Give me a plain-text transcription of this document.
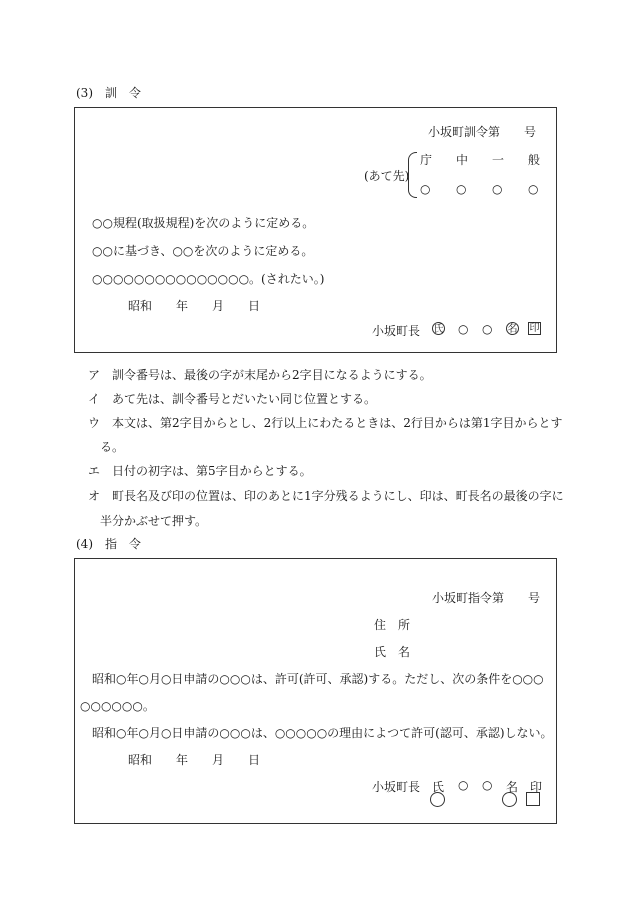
(3)　訓　令
小坂町訓令第　　号
(あて先)
庁 中 一 般
○ ○ ○ ○
○○規程(取扱規程)を次のように定める。
○○に基づき、○○を次のように定める。
○○○○○○○○○○○○○○○。(されたい。)
昭和　　年　　月　　日
小坂町長 氏 ○ ○ 名 印
ア 訓令番号は、最後の字が末尾から2字目になるようにする。
イ あて先は、訓令番号とだいたい同じ位置とする。
ウ 本文は、第2字目からとし、2行以上にわたるときは、2行目からは第1字目からとす
る。
エ 日付の初字は、第5字目からとする。
オ 町長名及び印の位置は、印のあとに1字分残るようにし、印は、町長名の最後の字に
半分かぶせて押す。
(4)　指　令
小坂町指令第　　号
住　所
氏　名
昭和○年○月○日申請の○○○は、許可(許可、承認)する。ただし、次の条件を○○○
○○○○○○。
昭和○年○月○日申請の○○○は、○○○○○の理由によつて許可(認可、承認)しない。
昭和　　年　　月　　日
小坂町長 氏 ○ ○ 名 印
